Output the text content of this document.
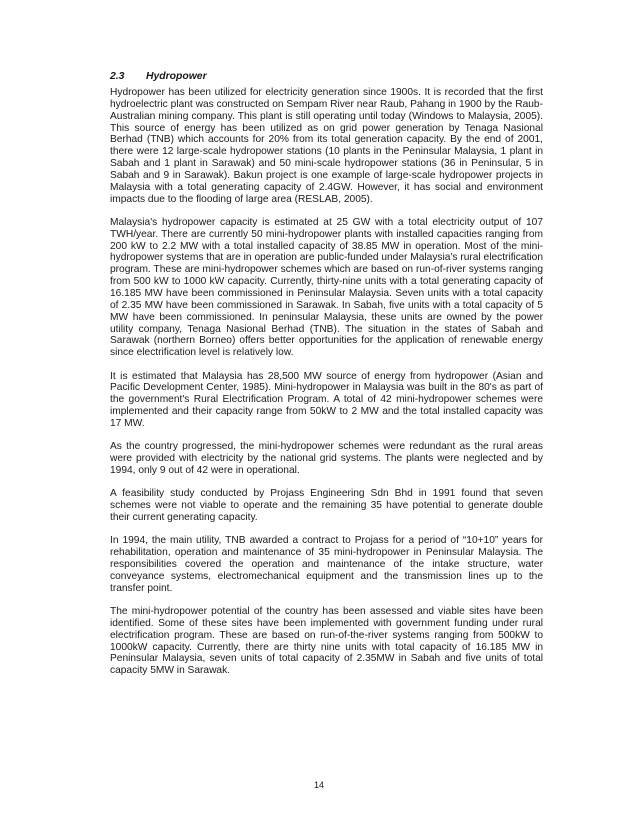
2.3 Hydropower

Hydropower has been utilized for electricity generation since 1900s. It is recorded that the first hydroelectric plant was constructed on Sempam River near Raub, Pahang in 1900 by the Raub-Australian mining company. This plant is still operating until today (Windows to Malaysia, 2005). This source of energy has been utilized as on grid power generation by Tenaga Nasional Berhad (TNB) which accounts for 20% from its total generation capacity. By the end of 2001, there were 12 large-scale hydropower stations (10 plants in the Peninsular Malaysia, 1 plant in Sabah and 1 plant in Sarawak) and 50 mini-scale hydropower stations (36 in Peninsular, 5 in Sabah and 9 in Sarawak). Bakun project is one example of large-scale hydropower projects in Malaysia with a total generating capacity of 2.4GW. However, it has social and environment impacts due to the flooding of large area (RESLAB, 2005).

Malaysia's hydropower capacity is estimated at 25 GW with a total electricity output of 107 TWH/year. There are currently 50 mini-hydropower plants with installed capacities ranging from 200 kW to 2.2 MW with a total installed capacity of 38.85 MW in operation. Most of the mini-hydropower systems that are in operation are public-funded under Malaysia's rural electrification program. These are mini-hydropower schemes which are based on run-of-river systems ranging from 500 kW to 1000 kW capacity. Currently, thirty-nine units with a total generating capacity of 16.185 MW have been commissioned in Peninsular Malaysia. Seven units with a total capacity of 2.35 MW have been commissioned in Sarawak. In Sabah, five units with a total capacity of 5 MW have been commissioned. In peninsular Malaysia, these units are owned by the power utility company, Tenaga Nasional Berhad (TNB). The situation in the states of Sabah and Sarawak (northern Borneo) offers better opportunities for the application of renewable energy since electrification level is relatively low.

It is estimated that Malaysia has 28,500 MW source of energy from hydropower (Asian and Pacific Development Center, 1985). Mini-hydropower in Malaysia was built in the 80's as part of the government's Rural Electrification Program. A total of 42 mini-hydropower schemes were implemented and their capacity range from 50kW to 2 MW and the total installed capacity was 17 MW.

As the country progressed, the mini-hydropower schemes were redundant as the rural areas were provided with electricity by the national grid systems. The plants were neglected and by 1994, only 9 out of 42 were in operational.

A feasibility study conducted by Projass Engineering Sdn Bhd in 1991 found that seven schemes were not viable to operate and the remaining 35 have potential to generate double their current generating capacity.

In 1994, the main utility, TNB awarded a contract to Projass for a period of “10+10” years for rehabilitation, operation and maintenance of 35 mini-hydropower in Peninsular Malaysia. The responsibilities covered the operation and maintenance of the intake structure, water conveyance systems, electromechanical equipment and the transmission lines up to the transfer point.

The mini-hydropower potential of the country has been assessed and viable sites have been identified. Some of these sites have been implemented with government funding under rural electrification program. These are based on run-of-the-river systems ranging from 500kW to 1000kW capacity. Currently, there are thirty nine units with total capacity of 16.185 MW in Peninsular Malaysia, seven units of total capacity of 2.35MW in Sabah and five units of total capacity 5MW in Sarawak.

14
